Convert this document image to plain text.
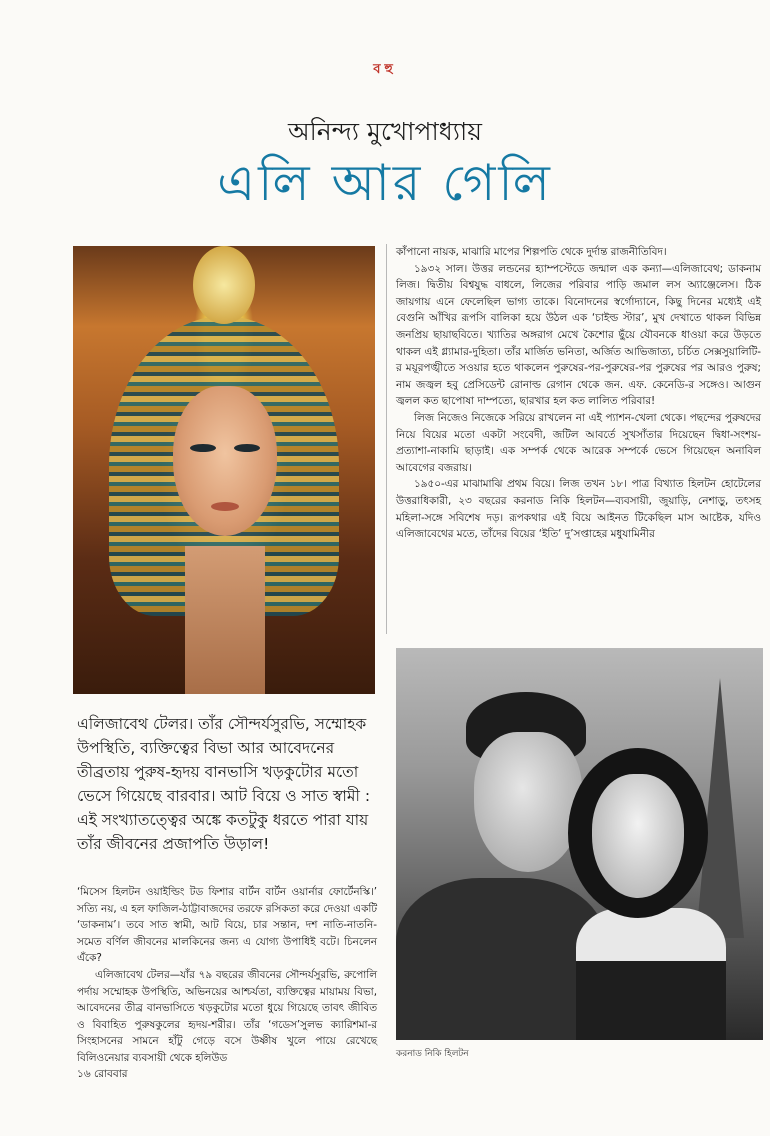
বহু
অনিন্দ্য মুখোপাধ্যায়
এলি আর গেলি
এলিজাবেথ টেলর। তাঁর সৌন্দর্যসুরভি, সম্মোহক উপস্থিতি, ব্যক্তিত্বের বিভা আর আবেদনের তীব্রতায় পুরুষ-হৃদয় বানভাসি খড়কুটোর মতো ভেসে গিয়েছে বারবার। আট বিয়ে ও সাত স্বামী : এই সংখ্যাতত্ত্বের অঙ্কে কতটুকু ধরতে পারা যায় তাঁর জীবনের প্রজাপতি উড়াল!

‘মিসেস হিলটন ওয়াইল্ডিং টড ফিশার বার্টন বার্টন ওয়ার্নার ফোর্টেনস্কি।’ সত্যি নয়, এ হল ফাজিল-ঠাট্টাবাজদের তরফে রসিকতা করে দেওয়া একটি ‘ডাকনাম’। তবে সাত স্বামী, আট বিয়ে, চার সন্তান, দশ নাতি-নাতনি-সমেত বর্ণিল জীবনের মালকিনের জন্য এ যোগ্য উপাধিই বটে। চিনলেন এঁকে?

এলিজাবেথ টেলর—যাঁর ৭৯ বছরের জীবনের সৌন্দর্যসুরভি, রুপোলি পর্দায় সম্মোহক উপস্থিতি, অভিনয়ের আশ্চর্যতা, ব্যক্তিত্বের মায়াময় বিভা, আবেদনের তীব্র বানভাসিতে খড়কুটোর মতো ধুয়ে গিয়েছে তাবৎ জীবিত ও বিবাহিত পুরুষকুলের হৃদয়-শরীর। তাঁর ‘গডেস’সুলভ ক্যারিশমা-র সিংহাসনের সামনে হাঁটু গেড়ে বসে উষ্ণীষ খুলে পায়ে রেখেছে বিলিওনেয়ার ব্যবসায়ী থেকে হলিউড

কাঁপানো নায়ক, মাঝারি মাপের শিল্পপতি থেকে দুর্দান্ত রাজনীতিবিদ।

১৯৩২ সাল। উত্তর লন্ডনের হ্যাম্পস্টেডে জন্মাল এক কন্যা—এলিজাবেথ; ডাকনাম লিজ। দ্বিতীয় বিশ্বযুদ্ধ বাধলে, লিজের পরিবার পাড়ি জমাল লস অ্যাঞ্জেলেস। ঠিক জায়গায় এনে ফেলেছিল ভাগ্য তাকে। বিনোদনের স্বর্গোদ্যানে, কিছু দিনের মধ্যেই এই বেগুনি আঁখির রূপসি বালিকা হয়ে উঠল এক ‘চাইল্ড স্টার’, মুখ দেখাতে থাকল বিভিন্ন জনপ্রিয় ছায়াছবিতে। খ্যাতির অঙ্গরাগ মেখে কৈশোর ছুঁয়ে যৌবনকে ধাওয়া করে উড়তে থাকল এই গ্ল্যামার-দুহিতা। তাঁর মার্জিত ভনিতা, অর্জিত আভিজাত্য, চর্চিত সেক্সসুয়ালিটি-র ময়ূরপঙ্খীতে সওয়ার হতে থাকলেন পুরুষের-পর-পুরুষের-পর পুরুষের পর আরও পুরুষ; নাম জজ্বল হবু প্রেসিডেন্ট রোনাল্ড রেগান থেকে জন. এফ. কেনেডি-র সঙ্গেও। আগুন জ্বলল কত ছাপোষা দাম্পত্যে, ছারখার হল কত লালিত পরিবার!

লিজ নিজেও নিজেকে সরিয়ে রাখলেন না এই প্যাশন-খেলা থেকে। পছন্দের পুরুষদের নিয়ে বিয়ের মতো একটা সংবেদী, জটিল আবর্তে সুখসাঁতার দিয়েছেন দ্বিধা-সংশয়-প্রত্যাশা-নাকামি ছাড়াই। এক সম্পর্ক থেকে আরেক সম্পর্কে ভেসে গিয়েছেন অনাবিল আবেগের বজরায়।

১৯৫০-এর মাঝামাঝি প্রথম বিয়ে। লিজ তখন ১৮। পাত্র বিখ্যাত হিলটন হোটেলের উত্তরাধিকারী, ২৩ বছরের করনাড নিকি হিলটন—ব্যবসায়ী, জুয়াড়ি, নেশাড়ু, তৎসহ মহিলা-সঙ্গে সবিশেষ দড়। রূপকথার এই বিয়ে আইনত টিকেছিল মাস আষ্টেক, যদিও এলিজাবেথের মতে, তাঁদের বিয়ের ‘ইতি’ দু’সপ্তাহের মধুযামিনীর

করনাড নিকি হিলটন
১৬ রোববার
